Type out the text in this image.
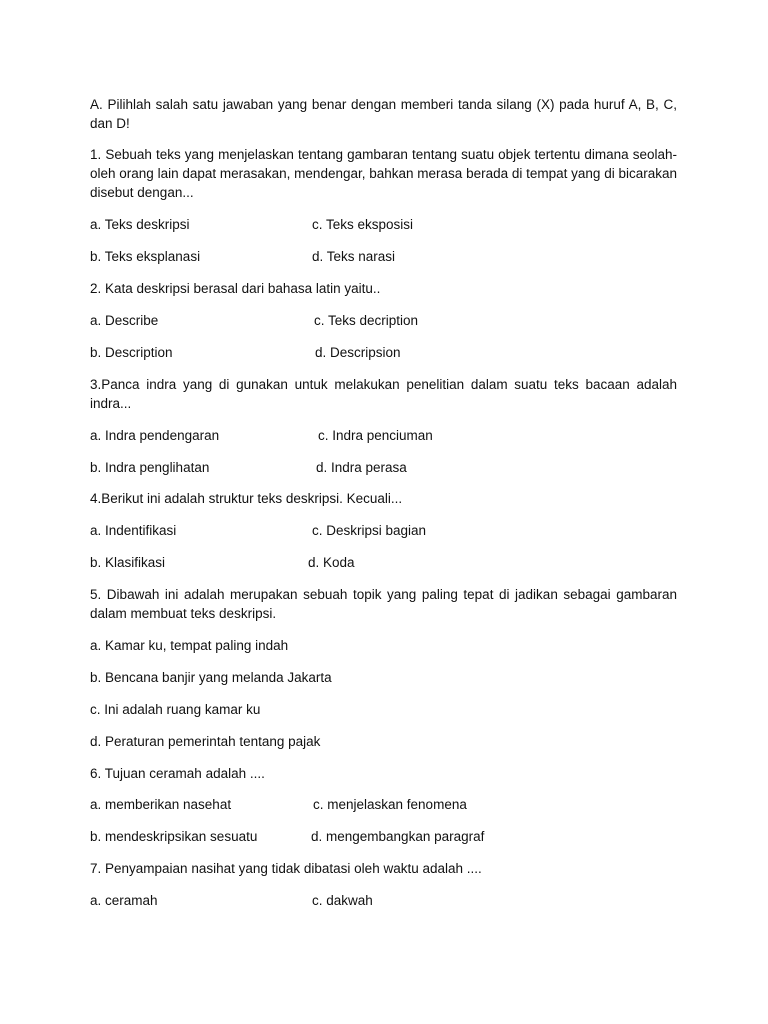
A. Pilihlah salah satu jawaban yang benar dengan memberi tanda silang (X) pada huruf A, B, C, dan D!

1. Sebuah teks yang menjelaskan tentang gambaran tentang suatu objek tertentu dimana seolah-oleh orang lain dapat merasakan, mendengar, bahkan merasa berada di tempat yang di bicarakan disebut dengan...

a. Teks deskripsi	c. Teks eksposisi
b. Teks eksplanasi	d. Teks narasi

2. Kata deskripsi berasal dari bahasa latin yaitu..

a. Describe	c. Teks decription
b. Description	d. Descripsion

3.Panca indra yang di gunakan untuk melakukan penelitian dalam suatu teks bacaan adalah indra...

a. Indra pendengaran	c. Indra penciuman
b. Indra penglihatan	d. Indra perasa

4.Berikut ini adalah struktur teks deskripsi. Kecuali...

a. Indentifikasi	c. Deskripsi bagian
b. Klasifikasi	d. Koda

5. Dibawah ini adalah merupakan sebuah topik yang paling tepat di jadikan sebagai gambaran dalam membuat teks deskripsi.

a. Kamar ku, tempat paling indah
b. Bencana banjir yang melanda Jakarta
c. Ini adalah ruang kamar ku
d. Peraturan pemerintah tentang pajak

6. Tujuan ceramah adalah ....

a. memberikan nasehat	c. menjelaskan fenomena
b. mendeskripsikan sesuatu	d. mengembangkan paragraf

7. Penyampaian nasihat yang tidak dibatasi oleh waktu adalah ....

a. ceramah	c. dakwah
